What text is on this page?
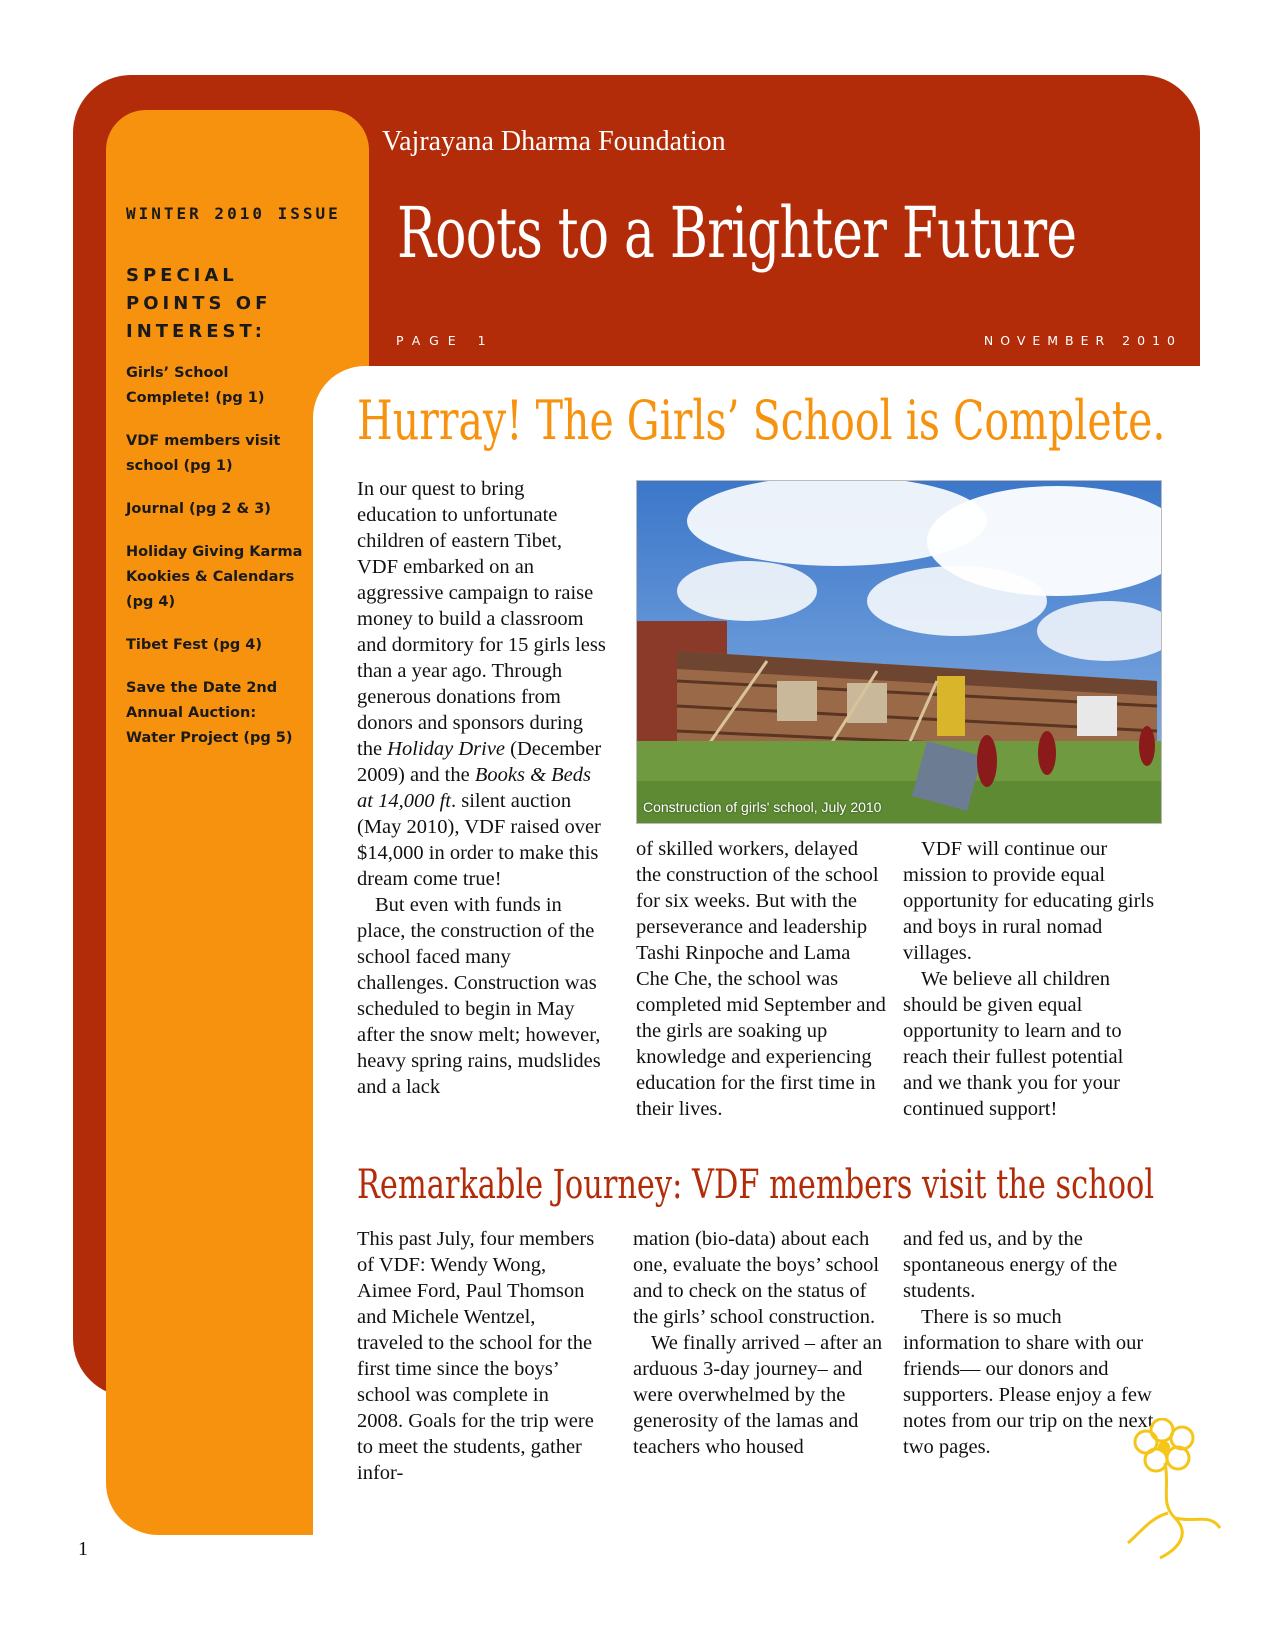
WINTER 2010 ISSUE
SPECIAL POINTS OF INTEREST:
Girls’ School Complete! (pg 1)
VDF members visit school (pg 1)
Journal (pg 2 & 3)
Holiday Giving Karma Kookies & Calendars (pg 4)
Tibet Fest (pg 4)
Save the Date 2nd Annual Auction: Water Project (pg 5)
Vajrayana Dharma Foundation
Roots to a Brighter Future
PAGE 1	NOVEMBER 2010
Hurray! The Girls’ School is Complete.

In our quest to bring education to unfortunate children of eastern Tibet, VDF embarked on an aggressive campaign to raise money to build a classroom and dormitory for 15 girls less than a year ago. Through generous donations from donors and sponsors during the Holiday Drive (December 2009) and the Books & Beds at 14,000 ft. silent auction (May 2010), VDF raised over $14,000 in order to make this dream come true!

But even with funds in place, the construction of the school faced many challenges. Construction was scheduled to begin in May after the snow melt; however, heavy spring rains, mudslides and a lack

Construction of girls' school, July 2010

of skilled workers, delayed the construction of the school for six weeks. But with the perseverance and leadership Tashi Rinpoche and Lama Che Che, the school was completed mid September and the girls are soaking up knowledge and experiencing education for the first time in their lives.

VDF will continue our mission to provide equal opportunity for educating girls and boys in rural nomad villages.

We believe all children should be given equal opportunity to learn and to reach their fullest potential and we thank you for your continued support!

Remarkable Journey: VDF members visit the school

This past July, four members of VDF: Wendy Wong, Aimee Ford, Paul Thomson and Michele Wentzel, traveled to the school for the first time since the boys’ school was complete in 2008. Goals for the trip were to meet the students, gather infor-

mation (bio-data) about each one, evaluate the boys’ school and to check on the status of the girls’ school construction.

We finally arrived – after an arduous 3-day journey– and were overwhelmed by the generosity of the lamas and teachers who housed

and fed us, and by the spontaneous energy of the students.

There is so much information to share with our friends— our donors and supporters. Please enjoy a few notes from our trip on the next two pages.

1
